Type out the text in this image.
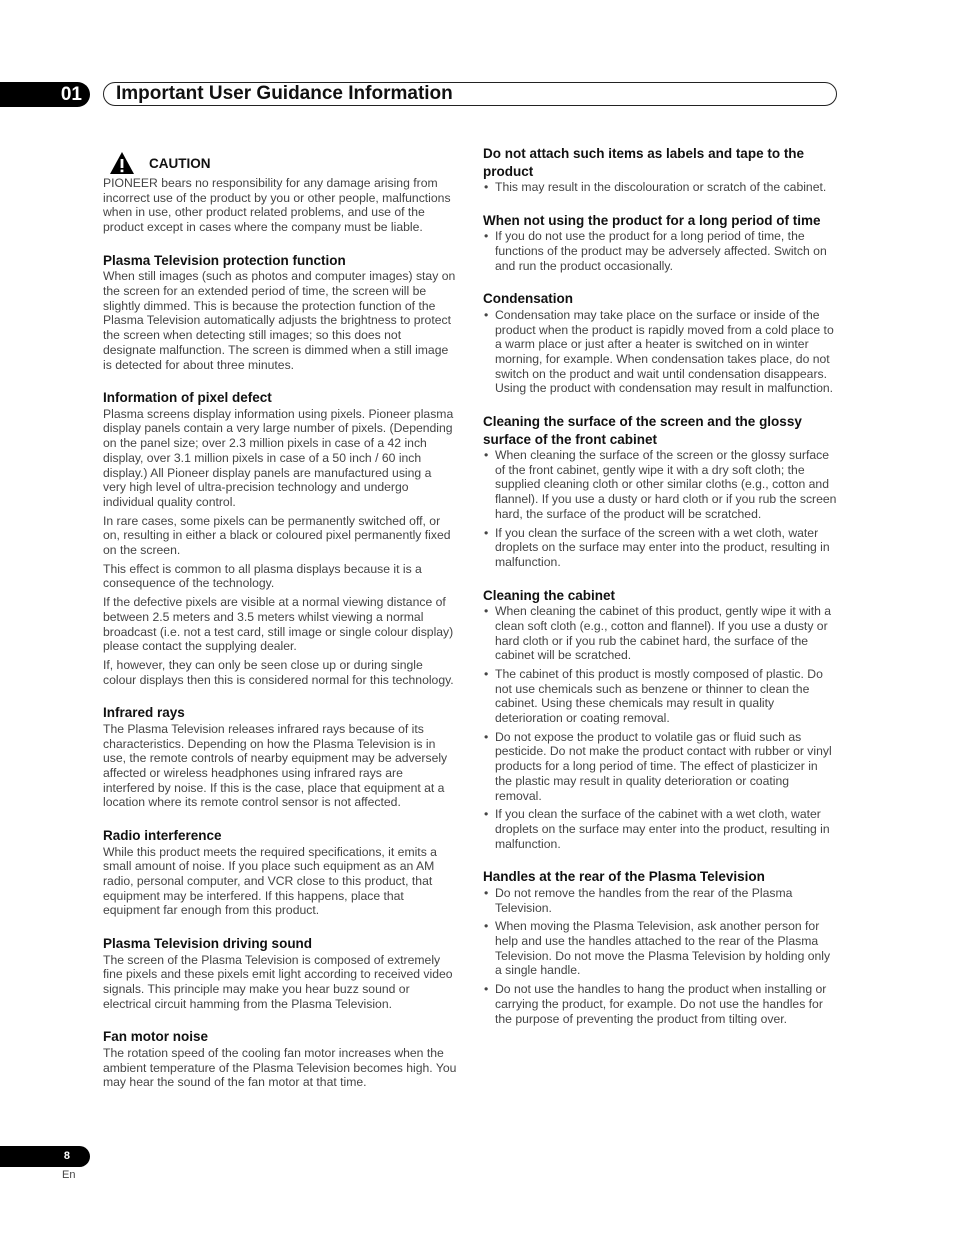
01	Important User Guidance Information
CAUTION

PIONEER bears no responsibility for any damage arising from incorrect use of the product by you or other people, malfunctions when in use, other product related problems, and use of the product except in cases where the company must be liable.

Plasma Television protection function

When still images (such as photos and computer images) stay on the screen for an extended period of time, the screen will be slightly dimmed. This is because the protection function of the Plasma Television automatically adjusts the brightness to protect the screen when detecting still images; so this does not designate malfunction. The screen is dimmed when a still image is detected for about three minutes.

Information of pixel defect

Plasma screens display information using pixels. Pioneer plasma display panels contain a very large number of pixels. (Depending on the panel size; over 2.3 million pixels in case of a 42 inch display, over 3.1 million pixels in case of a 50 inch / 60 inch display.) All Pioneer display panels are manufactured using a very high level of ultra-precision technology and undergo individual quality control.

In rare cases, some pixels can be permanently switched off, or on, resulting in either a black or coloured pixel permanently fixed on the screen.

This effect is common to all plasma displays because it is a consequence of the technology.

If the defective pixels are visible at a normal viewing distance of between 2.5 meters and 3.5 meters whilst viewing a normal broadcast (i.e. not a test card, still image or single colour display) please contact the supplying dealer.

If, however, they can only be seen close up or during single colour displays then this is considered normal for this technology.

Infrared rays

The Plasma Television releases infrared rays because of its characteristics. Depending on how the Plasma Television is in use, the remote controls of nearby equipment may be adversely affected or wireless headphones using infrared rays are interfered by noise. If this is the case, place that equipment at a location where its remote control sensor is not affected.

Radio interference

While this product meets the required specifications, it emits a small amount of noise. If you place such equipment as an AM radio, personal computer, and VCR close to this product, that equipment may be interfered. If this happens, place that equipment far enough from this product.

Plasma Television driving sound

The screen of the Plasma Television is composed of extremely fine pixels and these pixels emit light according to received video signals. This principle may make you hear buzz sound or electrical circuit hamming from the Plasma Television.

Fan motor noise

The rotation speed of the cooling fan motor increases when the ambient temperature of the Plasma Television becomes high. You may hear the sound of the fan motor at that time.

Do not attach such items as labels and tape to the product
• This may result in the discolouration or scratch of the cabinet.
When not using the product for a long period of time
• If you do not use the product for a long period of time, the functions of the product may be adversely affected. Switch on and run the product occasionally.
Condensation
• Condensation may take place on the surface or inside of the product when the product is rapidly moved from a cold place to a warm place or just after a heater is switched on in winter morning, for example. When condensation takes place, do not switch on the product and wait until condensation disappears. Using the product with condensation may result in malfunction.
Cleaning the surface of the screen and the glossy surface of the front cabinet
• When cleaning the surface of the screen or the glossy surface of the front cabinet, gently wipe it with a dry soft cloth; the supplied cleaning cloth or other similar cloths (e.g., cotton and flannel). If you use a dusty or hard cloth or if you rub the screen hard, the surface of the product will be scratched.
• If you clean the surface of the screen with a wet cloth, water droplets on the surface may enter into the product, resulting in malfunction.
Cleaning the cabinet
• When cleaning the cabinet of this product, gently wipe it with a clean soft cloth (e.g., cotton and flannel). If you use a dusty or hard cloth or if you rub the cabinet hard, the surface of the cabinet will be scratched.
• The cabinet of this product is mostly composed of plastic. Do not use chemicals such as benzene or thinner to clean the cabinet. Using these chemicals may result in quality deterioration or coating removal.
• Do not expose the product to volatile gas or fluid such as pesticide. Do not make the product contact with rubber or vinyl products for a long period of time. The effect of plasticizer in the plastic may result in quality deterioration or coating removal.
• If you clean the surface of the cabinet with a wet cloth, water droplets on the surface may enter into the product, resulting in malfunction.
Handles at the rear of the Plasma Television
• Do not remove the handles from the rear of the Plasma Television.
• When moving the Plasma Television, ask another person for help and use the handles attached to the rear of the Plasma Television. Do not move the Plasma Television by holding only a single handle.
• Do not use the handles to hang the product when installing or carrying the product, for example. Do not use the handles for the purpose of preventing the product from tilting over.
8
En
